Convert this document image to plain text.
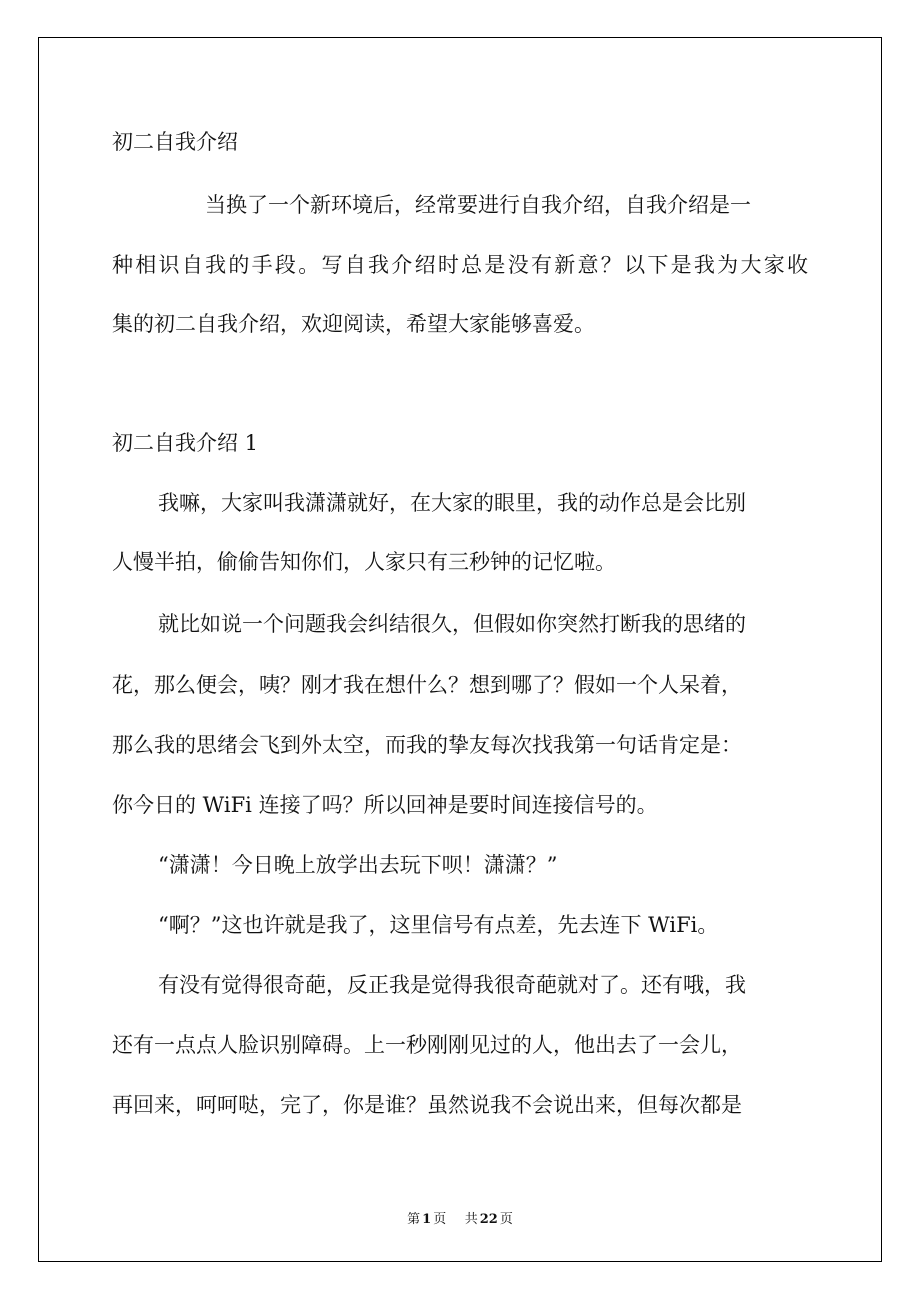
初二自我介绍
当换了一个新环境后，经常要进行自我介绍，自我介绍是一
种相识自我的手段。写自我介绍时总是没有新意？以下是我为大家收
集的初二自我介绍，欢迎阅读，希望大家能够喜爱。
初二自我介绍 1
我嘛，大家叫我潇潇就好，在大家的眼里，我的动作总是会比别
人慢半拍，偷偷告知你们，人家只有三秒钟的记忆啦。
就比如说一个问题我会纠结很久，但假如你突然打断我的思绪的
花，那么便会，咦？刚才我在想什么？想到哪了？假如一个人呆着，
那么我的思绪会飞到外太空，而我的挚友每次找我第一句话肯定是：
你今日的 WiFi 连接了吗？所以回神是要时间连接信号的。
“潇潇！今日晚上放学出去玩下呗！潇潇？”
“啊？”这也许就是我了，这里信号有点差，先去连下 WiFi。
有没有觉得很奇葩，反正我是觉得我很奇葩就对了。还有哦，我
还有一点点人脸识别障碍。上一秒刚刚见过的人，他出去了一会儿，
再回来，呵呵哒，完了，你是谁？虽然说我不会说出来，但每次都是
第 1 页 共 22 页
